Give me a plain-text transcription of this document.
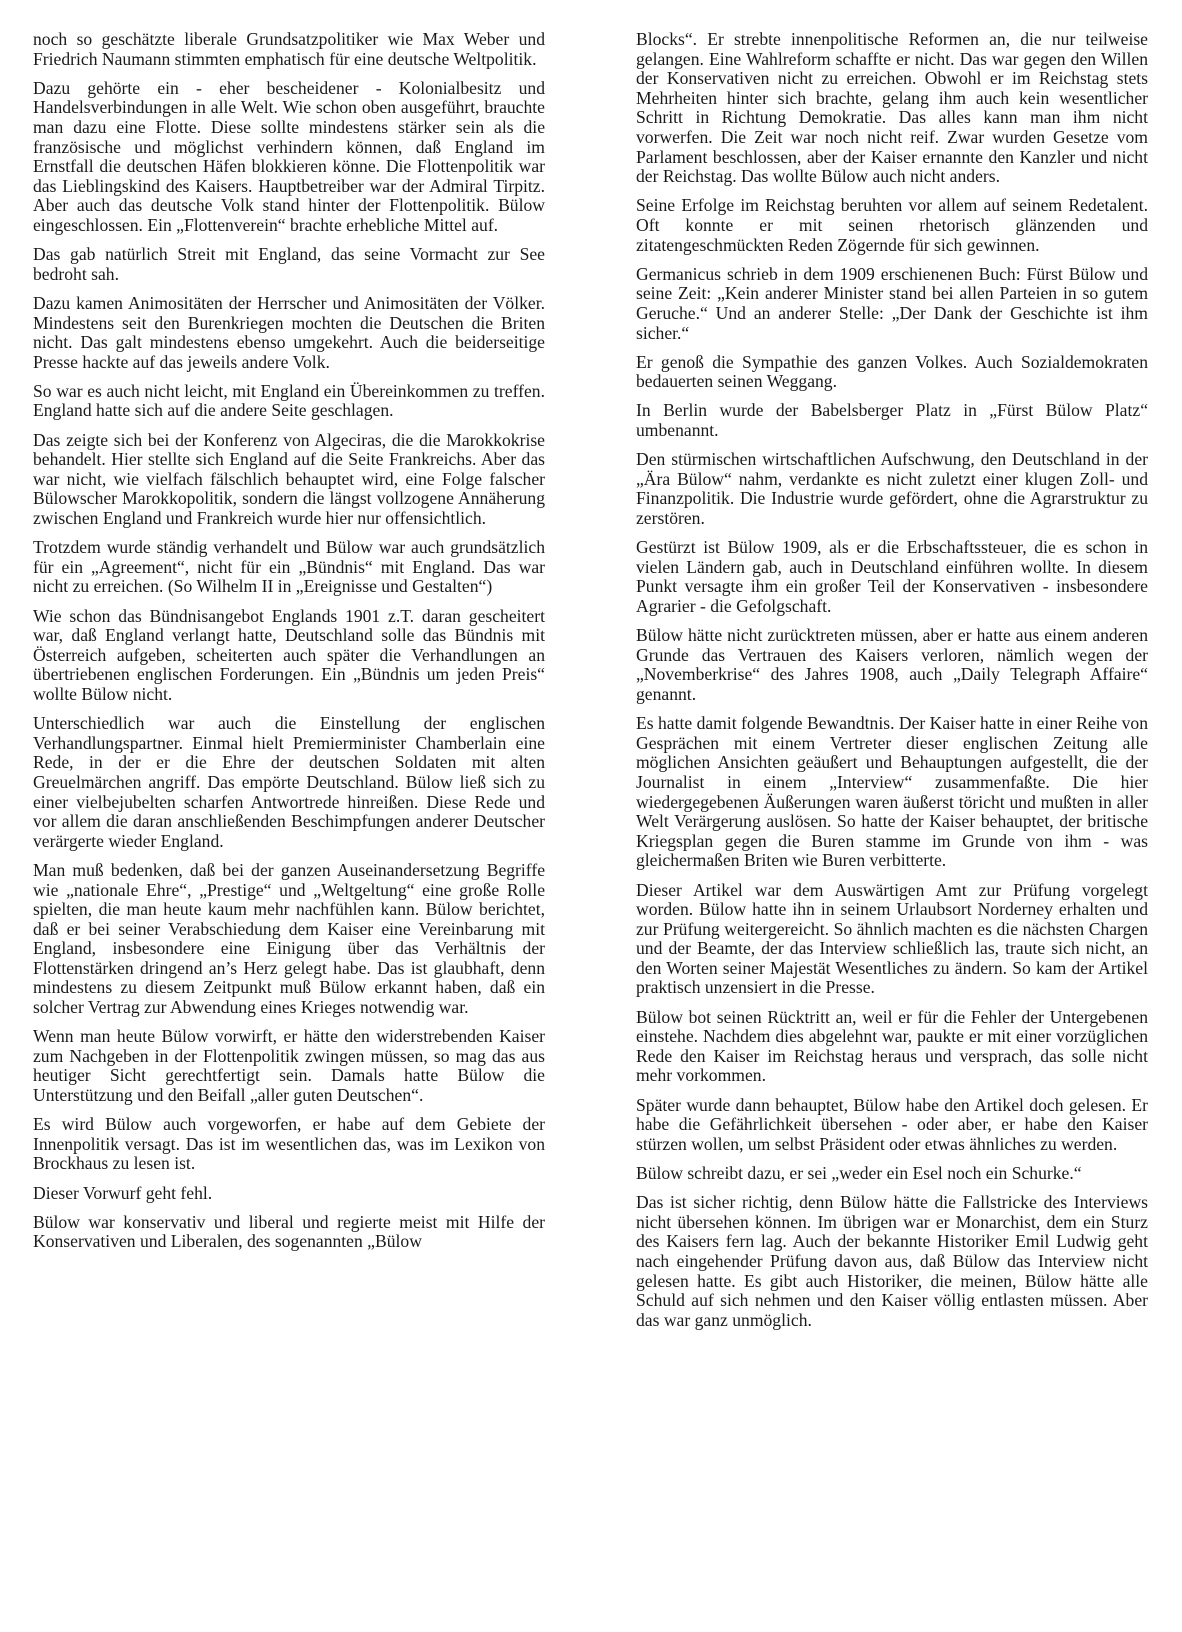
noch so geschätzte liberale Grundsatzpolitiker wie Max Weber und Friedrich Naumann stimmten emphatisch für eine deutsche Weltpolitik.

Dazu gehörte ein - eher bescheidener - Kolonialbesitz und Handelsverbindungen in alle Welt. Wie schon oben ausgeführt, brauchte man dazu eine Flotte. Diese sollte mindestens stärker sein als die französische und möglichst verhindern können, daß England im Ernstfall die deutschen Häfen blokkieren könne. Die Flottenpolitik war das Lieblingskind des Kaisers. Hauptbetreiber war der Admiral Tirpitz. Aber auch das deutsche Volk stand hinter der Flottenpolitik. Bülow eingeschlossen. Ein „Flottenverein“ brachte erhebliche Mittel auf.

Das gab natürlich Streit mit England, das seine Vormacht zur See bedroht sah.

Dazu kamen Animositäten der Herrscher und Animositäten der Völker. Mindestens seit den Burenkriegen mochten die Deutschen die Briten nicht. Das galt mindestens ebenso umgekehrt. Auch die beiderseitige Presse hackte auf das jeweils andere Volk.

So war es auch nicht leicht, mit England ein Übereinkommen zu treffen. England hatte sich auf die andere Seite geschlagen.

Das zeigte sich bei der Konferenz von Algeciras, die die Marokkokrise behandelt. Hier stellte sich England auf die Seite Frankreichs. Aber das war nicht, wie vielfach fälschlich behauptet wird, eine Folge falscher Bülowscher Marokkopolitik, sondern die längst vollzogene Annäherung zwischen England und Frankreich wurde hier nur offensichtlich.

Trotzdem wurde ständig verhandelt und Bülow war auch grundsätzlich für ein „Agreement“, nicht für ein „Bündnis“ mit England. Das war nicht zu erreichen. (So Wilhelm II in „Ereignisse und Gestalten“)

Wie schon das Bündnisangebot Englands 1901 z.T. daran gescheitert war, daß England verlangt hatte, Deutschland solle das Bündnis mit Österreich aufgeben, scheiterten auch später die Verhandlungen an übertriebenen englischen Forderungen. Ein „Bündnis um jeden Preis“ wollte Bülow nicht.

Unterschiedlich war auch die Einstellung der englischen Verhandlungspartner. Einmal hielt Premierminister Chamberlain eine Rede, in der er die Ehre der deutschen Soldaten mit alten Greuelmärchen angriff. Das empörte Deutschland. Bülow ließ sich zu einer vielbejubelten scharfen Antwortrede hinreißen. Diese Rede und vor allem die daran anschließenden Beschimpfungen anderer Deutscher verärgerte wieder England.

Man muß bedenken, daß bei der ganzen Auseinandersetzung Begriffe wie „nationale Ehre“, „Prestige“ und „Weltgeltung“ eine große Rolle spielten, die man heute kaum mehr nachfühlen kann. Bülow berichtet, daß er bei seiner Verabschiedung dem Kaiser eine Vereinbarung mit England, insbesondere eine Einigung über das Verhältnis der Flottenstärken dringend an’s Herz gelegt habe. Das ist glaubhaft, denn mindestens zu diesem Zeitpunkt muß Bülow erkannt haben, daß ein solcher Vertrag zur Abwendung eines Krieges notwendig war.

Wenn man heute Bülow vorwirft, er hätte den widerstrebenden Kaiser zum Nachgeben in der Flottenpolitik zwingen müssen, so mag das aus heutiger Sicht gerechtfertigt sein. Damals hatte Bülow die Unterstützung und den Beifall „aller guten Deutschen“.

Es wird Bülow auch vorgeworfen, er habe auf dem Gebiete der Innenpolitik versagt. Das ist im wesentlichen das, was im Lexikon von Brockhaus zu lesen ist.

Dieser Vorwurf geht fehl.

Bülow war konservativ und liberal und regierte meist mit Hilfe der Konservativen und Liberalen, des sogenannten „Bülow

Blocks“. Er strebte innenpolitische Reformen an, die nur teilweise gelangen. Eine Wahlreform schaffte er nicht. Das war gegen den Willen der Konservativen nicht zu erreichen. Obwohl er im Reichstag stets Mehrheiten hinter sich brachte, gelang ihm auch kein wesentlicher Schritt in Richtung Demokratie. Das alles kann man ihm nicht vorwerfen. Die Zeit war noch nicht reif. Zwar wurden Gesetze vom Parlament beschlossen, aber der Kaiser ernannte den Kanzler und nicht der Reichstag. Das wollte Bülow auch nicht anders.

Seine Erfolge im Reichstag beruhten vor allem auf seinem Redetalent. Oft konnte er mit seinen rhetorisch glänzenden und zitatengeschmückten Reden Zögernde für sich gewinnen.

Germanicus schrieb in dem 1909 erschienenen Buch: Fürst Bülow und seine Zeit: „Kein anderer Minister stand bei allen Parteien in so gutem Geruche.“ Und an anderer Stelle: „Der Dank der Geschichte ist ihm sicher.“

Er genoß die Sympathie des ganzen Volkes. Auch Sozialdemokraten bedauerten seinen Weggang.

In Berlin wurde der Babelsberger Platz in „Fürst Bülow Platz“ umbenannt.

Den stürmischen wirtschaftlichen Aufschwung, den Deutschland in der „Ära Bülow“ nahm, verdankte es nicht zuletzt einer klugen Zoll- und Finanzpolitik. Die Industrie wurde gefördert, ohne die Agrarstruktur zu zerstören.

Gestürzt ist Bülow 1909, als er die Erbschaftssteuer, die es schon in vielen Ländern gab, auch in Deutschland einführen wollte. In diesem Punkt versagte ihm ein großer Teil der Konservativen - insbesondere Agrarier - die Gefolgschaft.

Bülow hätte nicht zurücktreten müssen, aber er hatte aus einem anderen Grunde das Vertrauen des Kaisers verloren, nämlich wegen der „Novemberkrise“ des Jahres 1908, auch „Daily Telegraph Affaire“ genannt.

Es hatte damit folgende Bewandtnis. Der Kaiser hatte in einer Reihe von Gesprächen mit einem Vertreter dieser englischen Zeitung alle möglichen Ansichten geäußert und Behauptungen aufgestellt, die der Journalist in einem „Interview“ zusammenfaßte. Die hier wiedergegebenen Äußerungen waren äußerst töricht und mußten in aller Welt Verärgerung auslösen. So hatte der Kaiser behauptet, der britische Kriegsplan gegen die Buren stamme im Grunde von ihm - was gleichermaßen Briten wie Buren verbitterte.

Dieser Artikel war dem Auswärtigen Amt zur Prüfung vorgelegt worden. Bülow hatte ihn in seinem Urlaubsort Norderney erhalten und zur Prüfung weitergereicht. So ähnlich machten es die nächsten Chargen und der Beamte, der das Interview schließlich las, traute sich nicht, an den Worten seiner Majestät Wesentliches zu ändern. So kam der Artikel praktisch unzensiert in die Presse.

Bülow bot seinen Rücktritt an, weil er für die Fehler der Untergebenen einstehe. Nachdem dies abgelehnt war, paukte er mit einer vorzüglichen Rede den Kaiser im Reichstag heraus und versprach, das solle nicht mehr vorkommen.

Später wurde dann behauptet, Bülow habe den Artikel doch gelesen. Er habe die Gefährlichkeit übersehen - oder aber, er habe den Kaiser stürzen wollen, um selbst Präsident oder etwas ähnliches zu werden.

Bülow schreibt dazu, er sei „weder ein Esel noch ein Schurke.“

Das ist sicher richtig, denn Bülow hätte die Fallstricke des Interviews nicht übersehen können. Im übrigen war er Monarchist, dem ein Sturz des Kaisers fern lag. Auch der bekannte Historiker Emil Ludwig geht nach eingehender Prüfung davon aus, daß Bülow das Interview nicht gelesen hatte. Es gibt auch Historiker, die meinen, Bülow hätte alle Schuld auf sich nehmen und den Kaiser völlig entlasten müssen. Aber das war ganz unmöglich.
